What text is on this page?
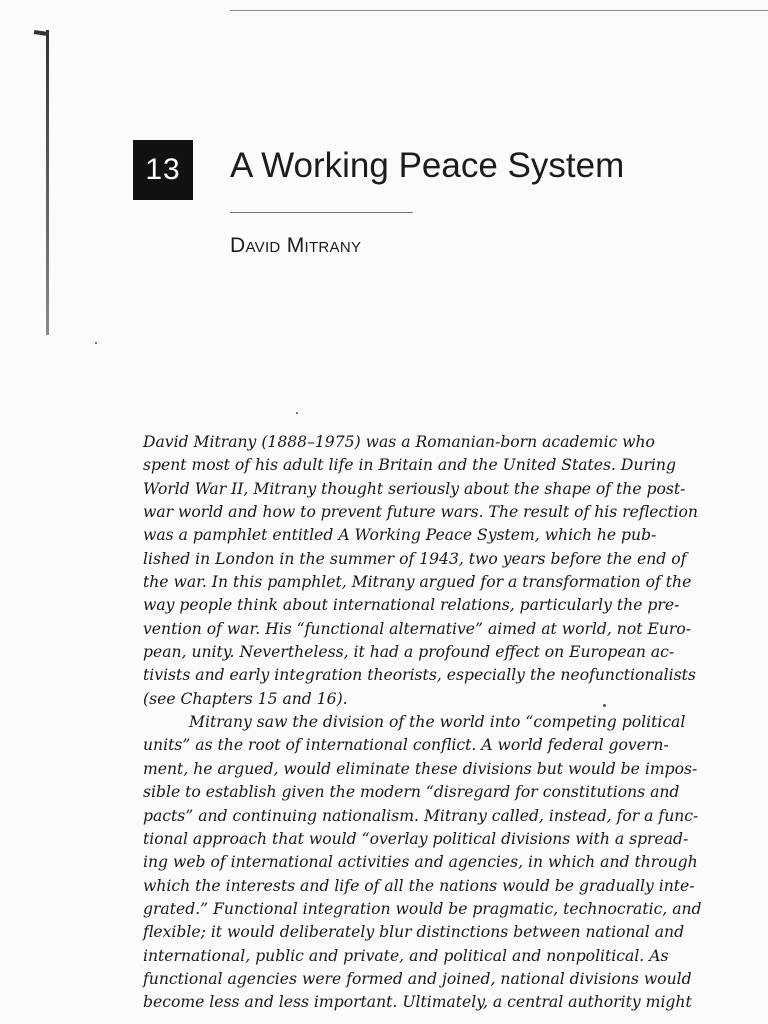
13	A Working Peace System
David Mitrany
David Mitrany (1888–1975) was a Romanian-born academic who
spent most of his adult life in Britain and the United States. During
World War II, Mitrany thought seriously about the shape of the post-
war world and how to prevent future wars. The result of his reflection
was a pamphlet entitled A Working Peace System, which he pub-
lished in London in the summer of 1943, two years before the end of
the war. In this pamphlet, Mitrany argued for a transformation of the
way people think about international relations, particularly the pre-
vention of war. His “functional alternative” aimed at world, not Euro-
pean, unity. Nevertheless, it had a profound effect on European ac-
tivists and early integration theorists, especially the neofunctionalists
(see Chapters 15 and 16).
Mitrany saw the division of the world into “competing political
units” as the root of international conflict. A world federal govern-
ment, he argued, would eliminate these divisions but would be impos-
sible to establish given the modern “disregard for constitutions and
pacts” and continuing nationalism. Mitrany called, instead, for a func-
tional approach that would “overlay political divisions with a spread-
ing web of international activities and agencies, in which and through
which the interests and life of all the nations would be gradually inte-
grated.” Functional integration would be pragmatic, technocratic, and
flexible; it would deliberately blur distinctions between national and
international, public and private, and political and nonpolitical. As
functional agencies were formed and joined, national divisions would
become less and less important. Ultimately, a central authority might
